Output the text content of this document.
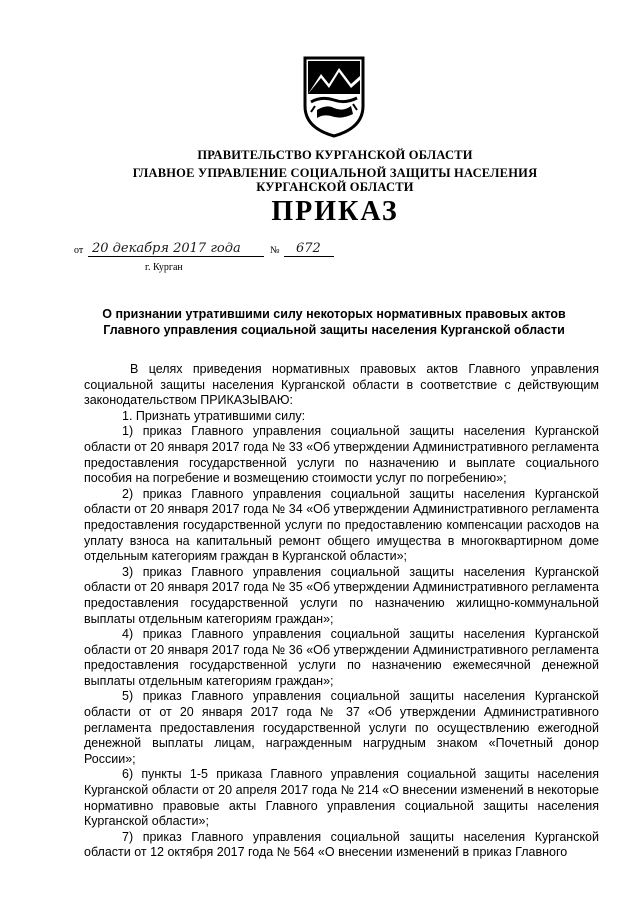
ПРАВИТЕЛЬСТВО КУРГАНСКОЙ ОБЛАСТИ
ГЛАВНОЕ УПРАВЛЕНИЕ СОЦИАЛЬНОЙ ЗАЩИТЫ НАСЕЛЕНИЯ
КУРГАНСКОЙ ОБЛАСТИ
ПРИКАЗ
от 20 декабря 2017 года	№ 672
г. Курган
О признании утратившими силу некоторых нормативных правовых актов
Главного управления социальной защиты населения Курганской области

В целях приведения нормативных правовых актов Главного управления социальной защиты населения Курганской области в соответствие с действующим законодательством ПРИКАЗЫВАЮ:

1. Признать утратившими силу:

1) приказ Главного управления социальной защиты населения Курганской области от 20 января 2017 года № 33 «Об утверждении Административного регламента предоставления государственной услуги по назначению и выплате социального пособия на погребение и возмещению стоимости услуг по погребению»;

2) приказ Главного управления социальной защиты населения Курганской области от 20 января 2017 года № 34 «Об утверждении Административного регламента предоставления государственной услуги по предоставлению компенсации расходов на уплату взноса на капитальный ремонт общего имущества в многоквартирном доме отдельным категориям граждан в Курганской области»;

3) приказ Главного управления социальной защиты населения Курганской области от 20 января 2017 года № 35 «Об утверждении Административного регламента предоставления государственной услуги по назначению жилищно-коммунальной выплаты отдельным категориям граждан»;

4) приказ Главного управления социальной защиты населения Курганской области от 20 января 2017 года № 36 «Об утверждении Административного регламента предоставления государственной услуги по назначению ежемесячной денежной выплаты отдельным категориям граждан»;

5) приказ Главного управления социальной защиты населения Курганской области от от 20 января 2017 года № 37 «Об утверждении Административного регламента предоставления государственной услуги по осуществлению ежегодной денежной выплаты лицам, награжденным нагрудным знаком «Почетный донор России»;

6) пункты 1-5 приказа Главного управления социальной защиты населения Курганской области от 20 апреля 2017 года № 214 «О внесении изменений в некоторые нормативно правовые акты Главного управления социальной защиты населения Курганской области»;

7) приказ Главного управления социальной защиты населения Курганской области от 12 октября 2017 года № 564 «О внесении изменений в приказ Главного
